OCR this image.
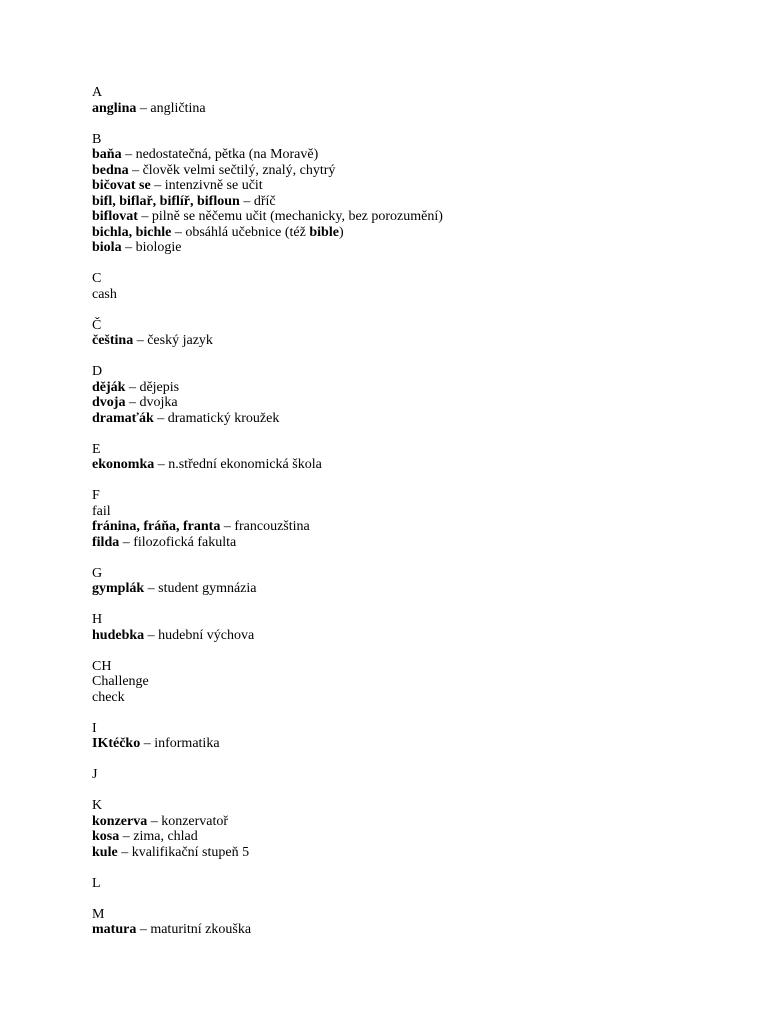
A
anglina – angličtina
B
baňa – nedostatečná, pětka (na Moravě)
bedna – člověk velmi sečtilý, znalý, chytrý
bičovat se – intenzivně se učit
bifl, biflař, biflíř, bifloun – dříč
biflovat – pilně se něčemu učit (mechanicky, bez porozumění)
bichla, bichle – obsáhlá učebnice (též bible)
biola – biologie
C
cash
Č
čeština – český jazyk
D
děják – dějepis
dvoja – dvojka
dramaťák – dramatický kroužek
E
ekonomka – n.střední ekonomická škola
F
fail
fránina, fráňa, franta – francouzština
filda – filozofická fakulta
G
gymplák – student gymnázia
H
hudebka – hudební výchova
CH
Challenge
check
I
IKtéčko – informatika
J
K
konzerva – konzervatoř
kosa – zima, chlad
kule – kvalifikační stupeň 5
L
M
matura – maturitní zkouška
